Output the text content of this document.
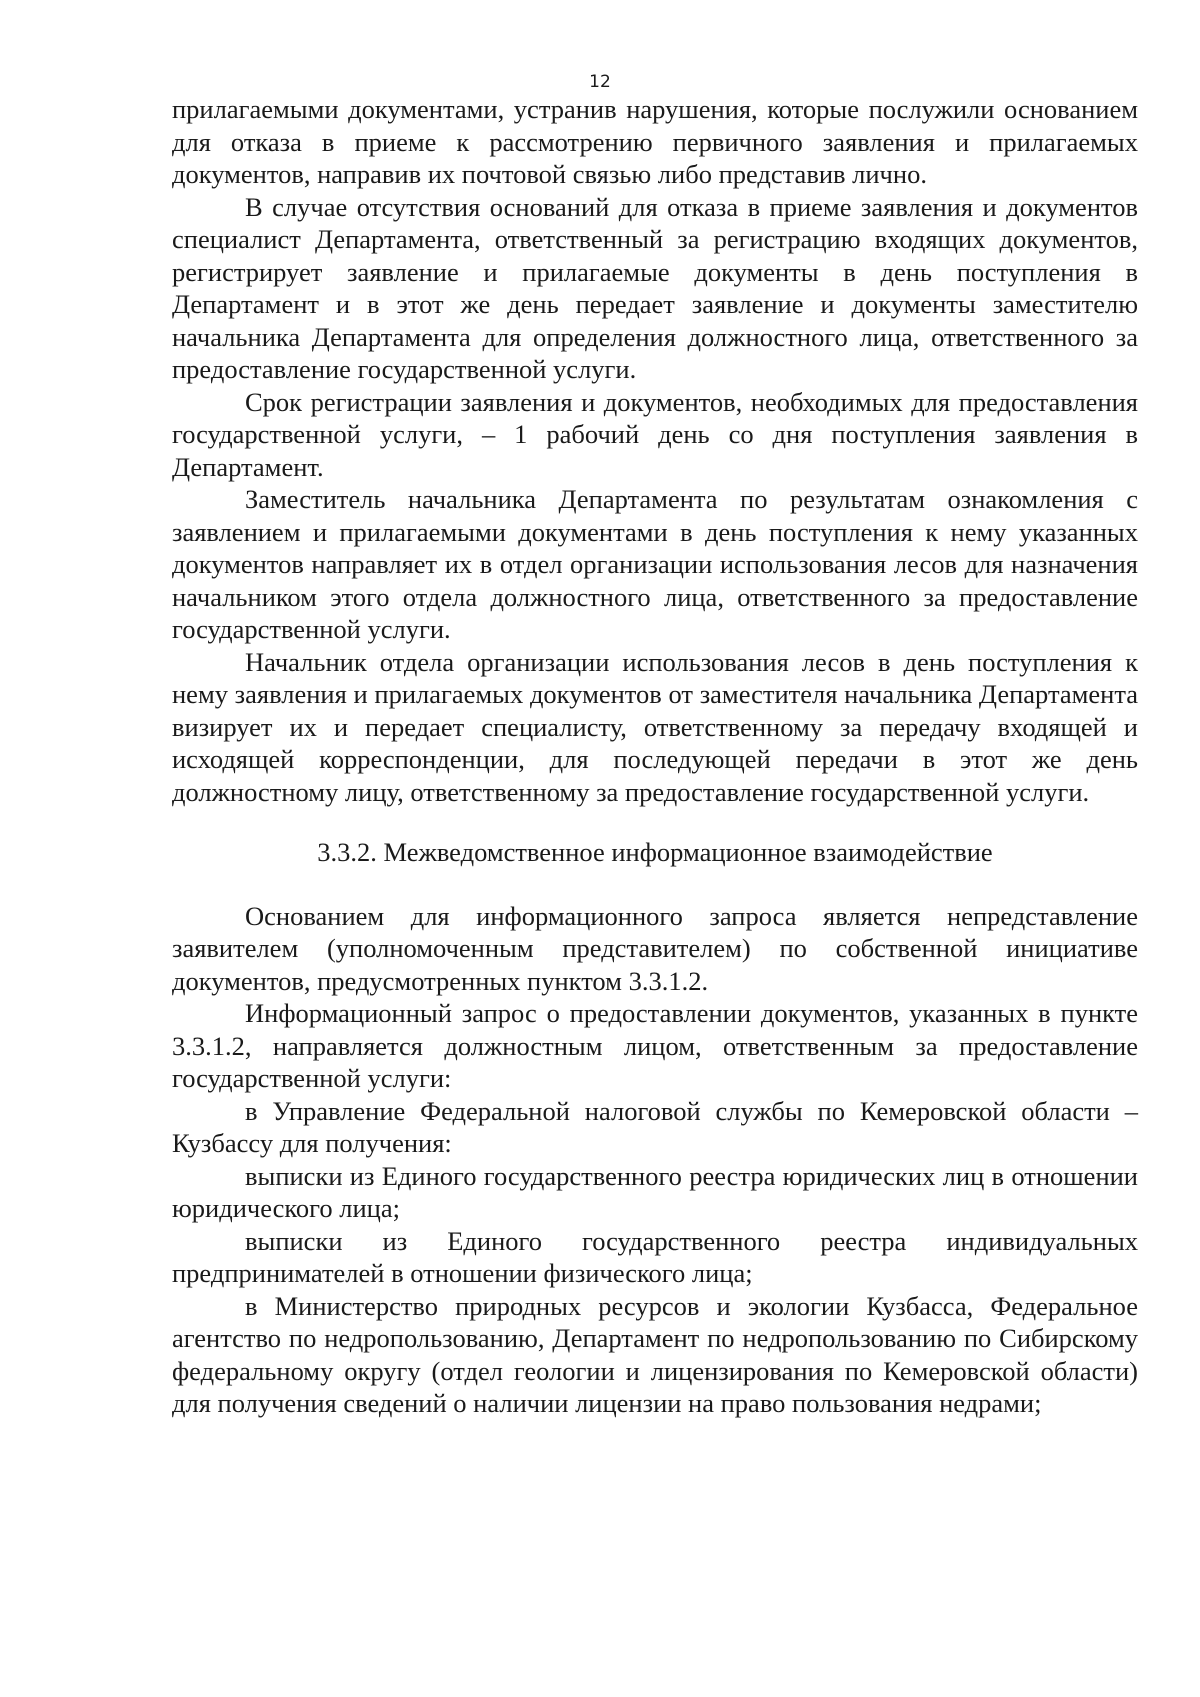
12

прилагаемыми документами, устранив нарушения, которые послужили основанием для отказа в приеме к рассмотрению первичного заявления и прилагаемых документов, направив их почтовой связью либо представив лично.

В случае отсутствия оснований для отказа в приеме заявления и документов специалист Департамента, ответственный за регистрацию входящих документов, регистрирует заявление и прилагаемые документы в день поступления в Департамент и в этот же день передает заявление и документы заместителю начальника Департамента для определения должностного лица, ответственного за предоставление государственной услуги.

Срок регистрации заявления и документов, необходимых для предоставления государственной услуги, – 1 рабочий день со дня поступления заявления в Департамент.

Заместитель начальника Департамента по результатам ознакомления с заявлением и прилагаемыми документами в день поступления к нему указанных документов направляет их в отдел организации использования лесов для назначения начальником этого отдела должностного лица, ответственного за предоставление государственной услуги.

Начальник отдела организации использования лесов в день поступления к нему заявления и прилагаемых документов от заместителя начальника Департамента визирует их и передает специалисту, ответственному за передачу входящей и исходящей корреспонденции, для последующей передачи в этот же день должностному лицу, ответственному за предоставление государственной услуги.

3.3.2. Межведомственное информационное взаимодействие

Основанием для информационного запроса является непредставление заявителем (уполномоченным представителем) по собственной инициативе документов, предусмотренных пунктом 3.3.1.2.

Информационный запрос о предоставлении документов, указанных в пункте 3.3.1.2, направляется должностным лицом, ответственным за предоставление государственной услуги:

в Управление Федеральной налоговой службы по Кемеровской области – Кузбассу для получения:

выписки из Единого государственного реестра юридических лиц в отношении юридического лица;

выписки из Единого государственного реестра индивидуальных предпринимателей в отношении физического лица;

в Министерство природных ресурсов и экологии Кузбасса, Федеральное агентство по недропользованию, Департамент по недропользованию по Сибирскому федеральному округу (отдел геологии и лицензирования по Кемеровской области) для получения сведений о наличии лицензии на право пользования недрами;
